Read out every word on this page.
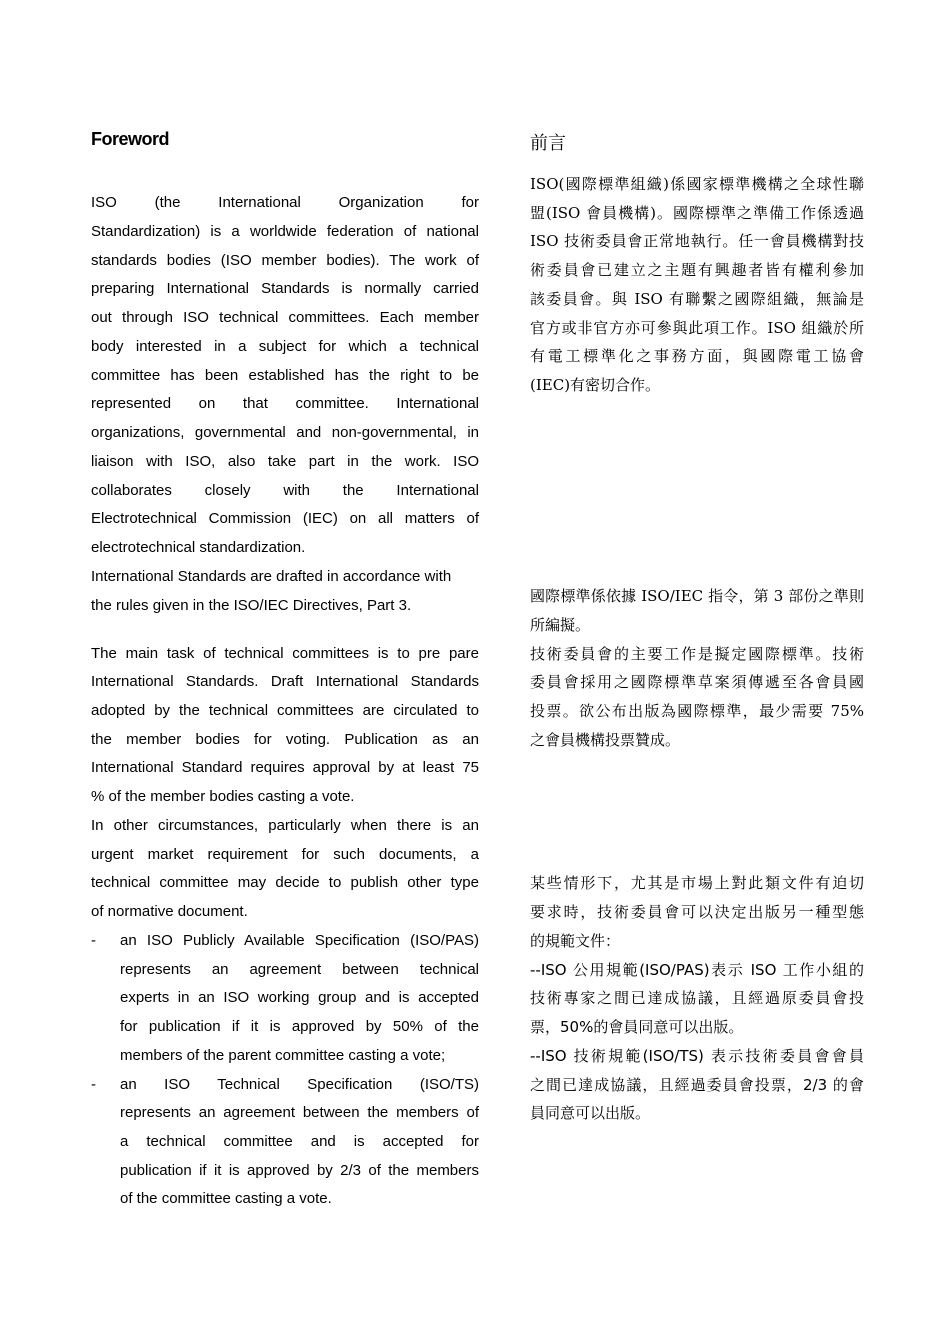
Foreword
ISO (the International Organization for
Standardization) is a worldwide federation of national
standards bodies (ISO member bodies). The work of
preparing International Standards is normally carried
out through ISO technical committees. Each member
body interested in a subject for which a technical
committee has been established has the right to be
represented on that committee. International
organizations, governmental and non-governmental, in
liaison with ISO, also take part in the work. ISO
collaborates closely with the International
Electrotechnical Commission (IEC) on all matters of
electrotechnical standardization.
International Standards are drafted in accordance with
the rules given in the ISO/IEC Directives, Part 3.
The main task of technical committees is to pre pare
International Standards. Draft International Standards
adopted by the technical committees are circulated to
the member bodies for voting. Publication as an
International Standard requires approval by at least 75
% of the member bodies casting a vote.
In other circumstances, particularly when there is an
urgent market requirement for such documents, a
technical committee may decide to publish other type
of normative document.
- an ISO Publicly Available Specification (ISO/PAS)
represents an agreement between technical
experts in an ISO working group and is accepted
for publication if it is approved by 50% of the
members of the parent committee casting a vote;
- an ISO Technical Specification (ISO/TS)
represents an agreement between the members of
a technical committee and is accepted for
publication if it is approved by 2/3 of the members
of the committee casting a vote.
前言
ISO(國際標準組織)係國家標準機構之全球性聯
盟(ISO 會員機構)。國際標準之準備工作係透過
ISO 技術委員會正常地執行。任一會員機構對技
術委員會已建立之主題有興趣者皆有權利參加
該委員會。與 ISO 有聯繫之國際組織，無論是
官方或非官方亦可參與此項工作。ISO 組織於所
有電工標準化之事務方面，與國際電工協會
(IEC)有密切合作。
國際標準係依據 ISO/IEC 指令，第 3 部份之準則
所編擬。
技術委員會的主要工作是擬定國際標準。技術
委員會採用之國際標準草案須傳遞至各會員國
投票。欲公布出版為國際標準，最少需要 75%
之會員機構投票贊成。
某些情形下，尤其是市場上對此類文件有迫切
要求時，技術委員會可以決定出版另一種型態
的規範文件：
--ISO 公用規範(ISO/PAS)表示 ISO 工作小組的
技術專家之間已達成協議，且經過原委員會投
票，50%的會員同意可以出版。
--ISO 技術規範(ISO/TS) 表示技術委員會會員
之間已達成協議，且經過委員會投票，2/3 的會
員同意可以出版。
